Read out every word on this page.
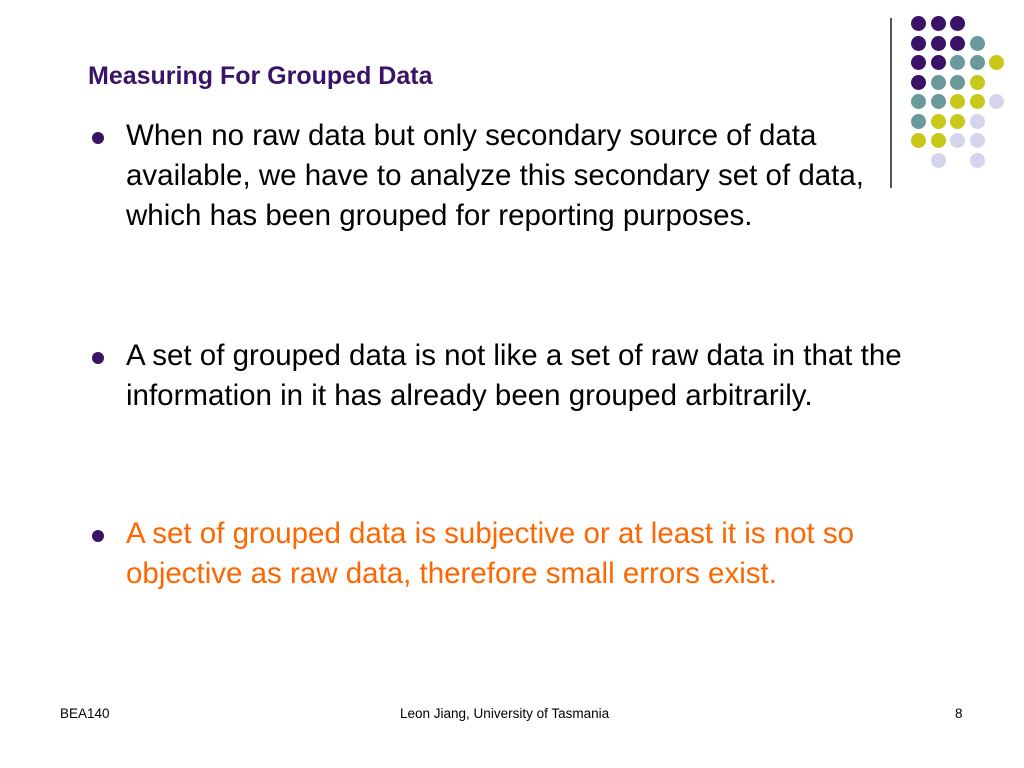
Measuring For Grouped Data
When no raw data but only secondary source of data available, we have to analyze this secondary set of data, which has been grouped for reporting purposes.
A set of grouped data is not like a set of raw data in that the information in it has already been grouped arbitrarily.
A set of grouped data is subjective or at least it is not so objective as raw data, therefore small errors exist.
BEA140	Leon Jiang, University of Tasmania	8
